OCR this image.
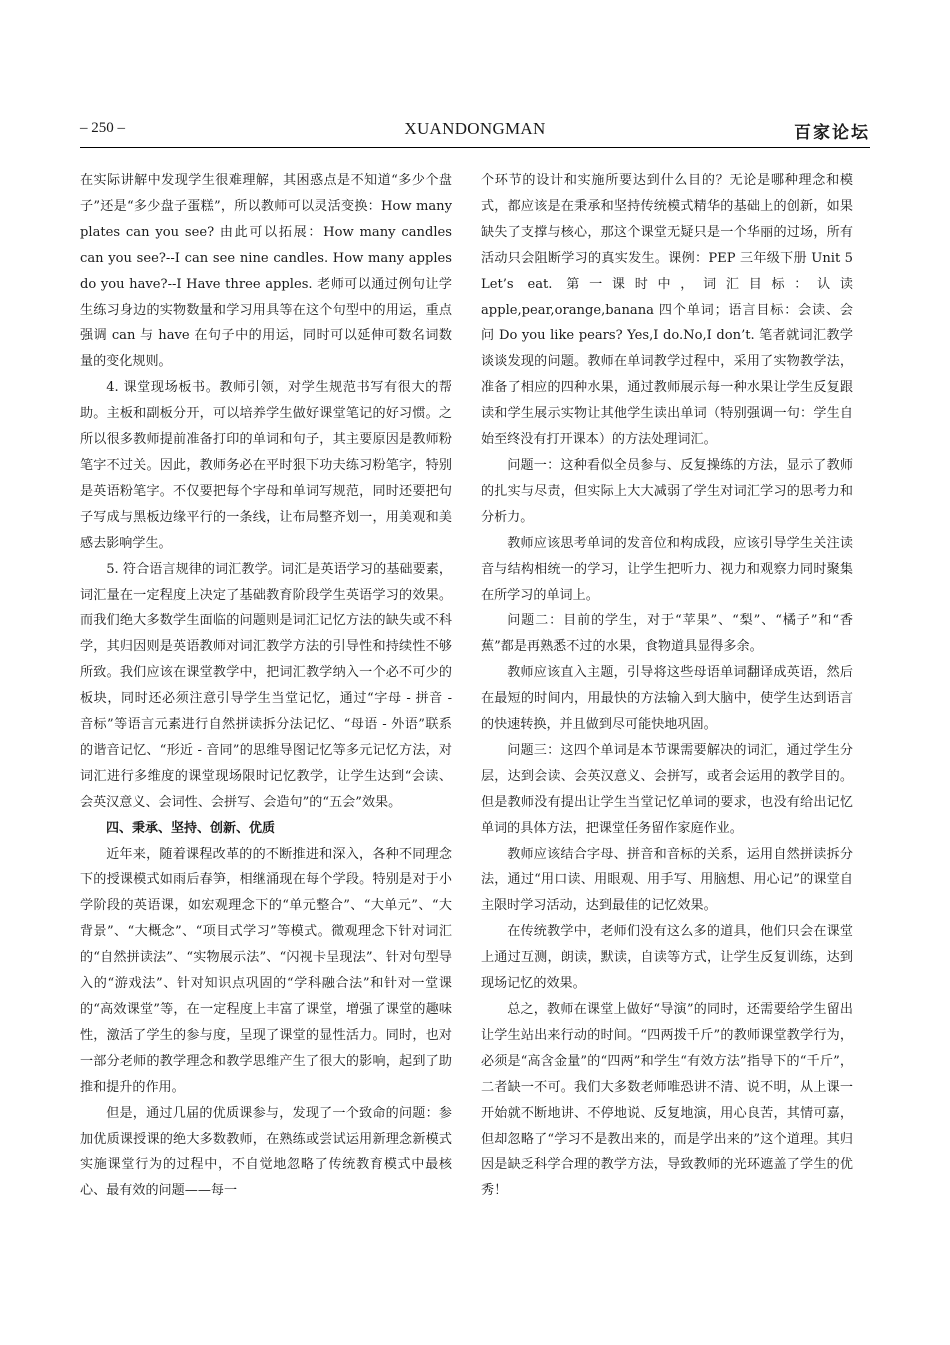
– 250 –	XUANDONGMAN	百家论坛

在实际讲解中发现学生很难理解，其困惑点是不知道“多少个盘子”还是“多少盘子蛋糕”，所以教师可以灵活变换：How many plates can you see? 由此可以拓展：How many candles can you see?--I can see nine candles. How many apples do you have?--I Have three apples. 老师可以通过例句让学生练习身边的实物数量和学习用具等在这个句型中的用运，重点强调 can 与 have 在句子中的用运，同时可以延伸可数名词数量的变化规则。

4. 课堂现场板书。教师引领，对学生规范书写有很大的帮助。主板和副板分开，可以培养学生做好课堂笔记的好习惯。之所以很多教师提前准备打印的单词和句子，其主要原因是教师粉笔字不过关。因此，教师务必在平时狠下功夫练习粉笔字，特别是英语粉笔字。不仅要把每个字母和单词写规范，同时还要把句子写成与黑板边缘平行的一条线，让布局整齐划一，用美观和美感去影响学生。

5. 符合语言规律的词汇教学。词汇是英语学习的基础要素，词汇量在一定程度上决定了基础教育阶段学生英语学习的效果。而我们绝大多数学生面临的问题则是词汇记忆方法的缺失或不科学，其归因则是英语教师对词汇教学方法的引导性和持续性不够所致。我们应该在课堂教学中，把词汇教学纳入一个必不可少的板块，同时还必须注意引导学生当堂记忆，通过“字母 - 拼音 - 音标”等语言元素进行自然拼读拆分法记忆、“母语 - 外语”联系的谐音记忆、“形近 - 音同”的思维导图记忆等多元记忆方法，对词汇进行多维度的课堂现场限时记忆教学，让学生达到“会读、会英汉意义、会词性、会拼写、会造句”的“五会”效果。

四、秉承、坚持、创新、优质

近年来，随着课程改革的的不断推进和深入，各种不同理念下的授课模式如雨后春笋，相继涌现在每个学段。特别是对于小学阶段的英语课，如宏观理念下的“单元整合”、“大单元”、“大背景”、“大概念”、“项目式学习”等模式。微观理念下针对词汇的“自然拼读法”、“实物展示法”、“闪视卡呈现法”、针对句型导入的“游戏法”、针对知识点巩固的“学科融合法”和针对一堂课的“高效课堂”等，在一定程度上丰富了课堂，增强了课堂的趣味性，激活了学生的参与度，呈现了课堂的显性活力。同时，也对一部分老师的教学理念和教学思维产生了很大的影响，起到了助推和提升的作用。

但是，通过几届的优质课参与，发现了一个致命的问题：参加优质课授课的绝大多数教师，在熟练或尝试运用新理念新模式实施课堂行为的过程中，不自觉地忽略了传统教育模式中最核心、最有效的问题——每一

个环节的设计和实施所要达到什么目的？无论是哪种理念和模式，都应该是在秉承和坚持传统模式精华的基础上的创新，如果缺失了支撑与核心，那这个课堂无疑只是一个华丽的过场，所有活动只会阻断学习的真实发生。课例：PEP 三年级下册 Unit 5 Let’s eat. 第一课时中，词汇目标：认读 apple,pear,orange,banana 四个单词；语言目标：会读、会问 Do you like pears? Yes,I do.No,I don’t. 笔者就词汇教学谈谈发现的问题。教师在单词教学过程中，采用了实物教学法，准备了相应的四种水果，通过教师展示每一种水果让学生反复跟读和学生展示实物让其他学生读出单词（特别强调一句：学生自始至终没有打开课本）的方法处理词汇。

问题一：这种看似全员参与、反复操练的方法，显示了教师的扎实与尽责，但实际上大大减弱了学生对词汇学习的思考力和分析力。

教师应该思考单词的发音位和构成段，应该引导学生关注读音与结构相统一的学习，让学生把听力、视力和观察力同时聚集在所学习的单词上。

问题二：目前的学生，对于“苹果”、“梨”、“橘子”和“香蕉”都是再熟悉不过的水果，食物道具显得多余。

教师应该直入主题，引导将这些母语单词翻译成英语，然后在最短的时间内，用最快的方法输入到大脑中，使学生达到语言的快速转换，并且做到尽可能快地巩固。

问题三：这四个单词是本节课需要解决的词汇，通过学生分层，达到会读、会英汉意义、会拼写，或者会运用的教学目的。但是教师没有提出让学生当堂记忆单词的要求，也没有给出记忆单词的具体方法，把课堂任务留作家庭作业。

教师应该结合字母、拼音和音标的关系，运用自然拼读拆分法，通过“用口读、用眼观、用手写、用脑想、用心记”的课堂自主限时学习活动，达到最佳的记忆效果。

在传统教学中，老师们没有这么多的道具，他们只会在课堂上通过互测，朗读，默读，自读等方式，让学生反复训练，达到现场记忆的效果。

总之，教师在课堂上做好“导演”的同时，还需要给学生留出让学生站出来行动的时间。“四两拨千斤”的教师课堂教学行为，必须是“高含金量”的“四两”和学生“有效方法”指导下的“千斤”，二者缺一不可。我们大多数老师唯恐讲不清、说不明，从上课一开始就不断地讲、不停地说、反复地演，用心良苦，其情可嘉，但却忽略了“学习不是教出来的，而是学出来的”这个道理。其归因是缺乏科学合理的教学方法，导致教师的光环遮盖了学生的优秀！
